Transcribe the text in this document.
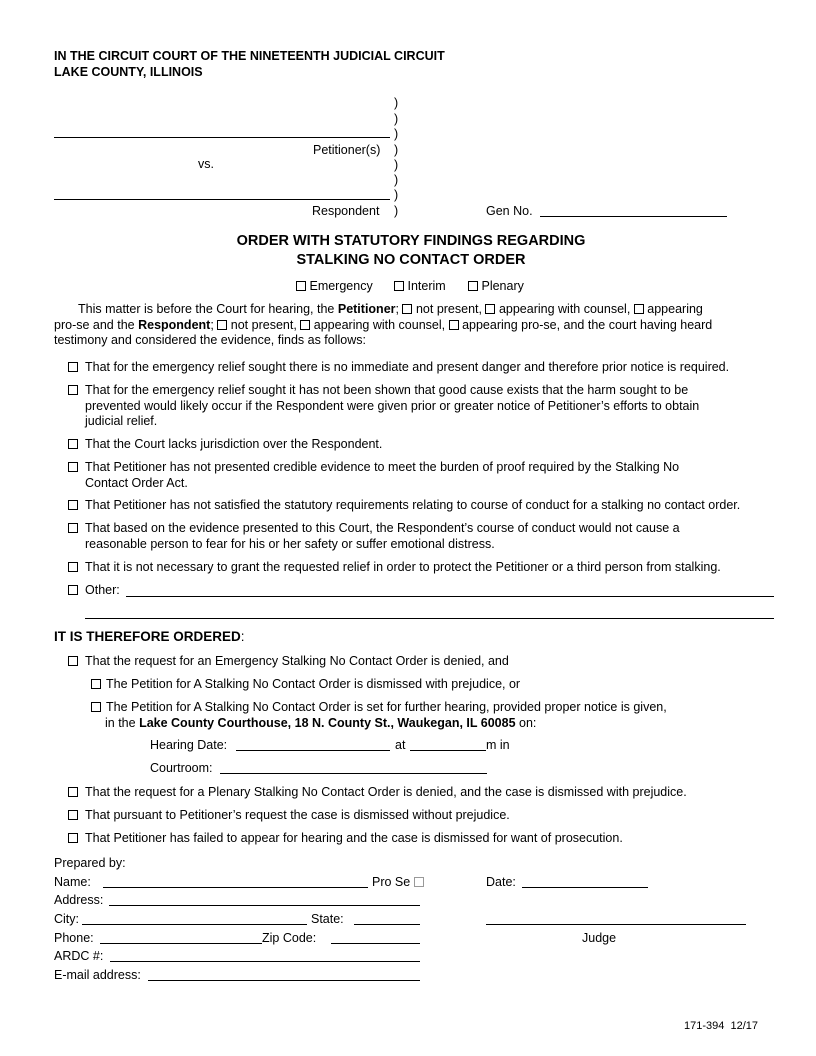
IN THE CIRCUIT COURT OF THE NINETEENTH JUDICIAL CIRCUIT
LAKE COUNTY, ILLINOIS
)
)
)
)
)
)
)
)
Petitioner(s)
vs.
Respondent	Gen No.
ORDER WITH STATUTORY FINDINGS REGARDING
STALKING NO CONTACT ORDER
Emergency	Interim	Plenary
This matter is before the Court for hearing, the Petitioner; not present, appearing with counsel, appearing
pro-se and the Respondent; not present, appearing with counsel, appearing pro-se, and the court having heard
testimony and considered the evidence, finds as follows:
That for the emergency relief sought there is no immediate and present danger and therefore prior notice is required.
That for the emergency relief sought it has not been shown that good cause exists that the harm sought to be
prevented would likely occur if the Respondent were given prior or greater notice of Petitioner’s efforts to obtain
judicial relief.
That the Court lacks jurisdiction over the Respondent.
That Petitioner has not presented credible evidence to meet the burden of proof required by the Stalking No
Contact Order Act.
That Petitioner has not satisfied the statutory requirements relating to course of conduct for a stalking no contact order.
That based on the evidence presented to this Court, the Respondent’s course of conduct would not cause a
reasonable person to fear for his or her safety or suffer emotional distress.
That it is not necessary to grant the requested relief in order to protect the Petitioner or a third person from stalking.
Other:
IT IS THEREFORE ORDERED:
That the request for an Emergency Stalking No Contact Order is denied, and
The Petition for A Stalking No Contact Order is dismissed with prejudice, or
The Petition for A Stalking No Contact Order is set for further hearing, provided proper notice is given,
in the Lake County Courthouse, 18 N. County St., Waukegan, IL 60085 on:
Hearing Date:	at	m in
Courtroom:
That the request for a Plenary Stalking No Contact Order is denied, and the case is dismissed with prejudice.
That pursuant to Petitioner’s request the case is dismissed without prejudice.
That Petitioner has failed to appear for hearing and the case is dismissed for want of prosecution.
Prepared by:
Name:	Pro Se	Date:
Address:
City:	State:
Phone:	Zip Code:	Judge
ARDC #:
E-mail address:
171-394 12/17
